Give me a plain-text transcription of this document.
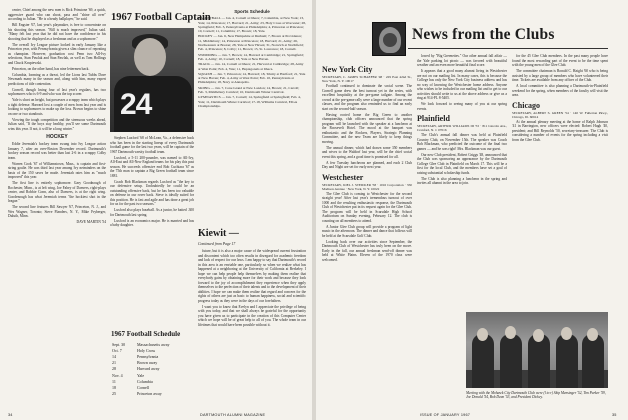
center, Chief among the new men is Rick Prinstone '69, a quick, aggressive guard who can shoot, pass and "shine all over" according to Julian. "He is a heady ballplayer," he said.

Bill Engster '67, last year's playmaker, is free to concentrate on his shooting this season. "Bill is much improved," Julian said. "Many felt last year that he did not have the confidence in his shooting that he displayed as a freshman and as a sophomore."

The overall Ivy League picture looked in early January like a Princeton year, with Pennsylvania given a slim chance of repeating as champion. However, graduation cost Penn two All-Ivy selections, Stan Pawlak and Stan Pawlak, as well as Tom Hollings and Chuck Krupiewski.

Princeton, on the other hand, has nine lettermen back.

Columbia, looming as a threat, led the Lions last Tubbs Dave Newmark many in the season and, along with him, many expert predictions of title contention.

Cornell, though losing four of last year's regulars, has two sophomores who is 6-9 and who was the top scorer.

Yale is short on height, but possesses a scrappy team which plays a tight defense. Harvard lost a couple of men from last year and is looking to sophomores to make up the loss. Brown begins to shine on one or two standouts.

Viewing the tough competition and the strenuous weeks ahead, Julian said, "If the boys stay healthy, you'll see some Dartmouth wins this year. If not, it will be a long winter."

HOCKEY

Eddie Jeremiah's hockey team swung into Ivy League action January 7, after an over-Boston December record. Dartmouth's hockey season record was better than last 2-6 in a scrappy Colby team.

Warren Cook '67 of Williamstown, Mass., is captain and first-string goalie. He was third last year among Ivy netminders on the basis of the 150 saves he made. Jeremiah rates him as "much improved" this year.

The first line is entirely sophomore. Gary Goodnough of Rochester, Minn., is at left wing, Joe Fahey of Danvers, right-plays center, and Robbie Conn, also of Danvers, is at the right wing. Goodenough has what Jeremiah terms "the hockiest shot in the league."

The second line features Bill Sawyer '67, Princeton, N. J., and Wes Wagner, Toronto; Steve Flanders, N. Y., Mike Fryberger, Duluth, Minn.

DAVE MARTIN '54
1967 Football Captain
24

Stephen Luxford '68 of McLean, Va., a defensive back who has been in the starting lineup of every Dartmouth football game for the last two years, will be captain of the 1967 Dartmouth varsity football team.

Luxford, a 5-11 200-pounder, was named to All-Ivy, All-East and All-New England teams for his play this past season. He succeeds offensive end Bob Cuchiara '67 as the 75th man to captain a Big Green football team since 1881.

Coach Bob Blackman regards Luxford as "the key to our defensive setup. Undoubtedly he could be an outstanding offensive back, but he has been too valuable on defense in our rover back. Steve is ideally suited for this position. He is fast and agile and has done a great job for us for the past two seasons."

Luxford also plays baseball. As a junior, he batted .300 for Dartmouth last spring.

Luxford is an economics major. He is married and has a baby daughter.

Sports Schedule

BASKETBALL — Jan. 4, Cornell at Ithaca; 7, Columbia, at New York; 13, Yale; 14, Princeton; 17, Harvard; 21, Army; 23, Holy Cross at Worcester; 28, Springfield; Feb. 3, Pennsylvania at Philadelphia; 4, Princeton at Princeton; 10, Cornell; 11, Columbia; 17, Brown; 18, Yale.

HOCKEY — Jan. 6, New Hampshire at Durham; 7, Brown at Providence; 11, Middlebury; 14, Princeton at Princeton; 18, Harvard; 21, Army; 26, Northeastern at Boston; 28, Yale at New Haven; 31, Norwich at Northfield; Feb. 4, Princeton; 8, Colby; 11, Brown; 15, St. Lawrence; 18, Cornell.

SWIMMING — Jan. 7, Brown; 14, Harvard at Cambridge; 21, Springfield; Feb. 4, Army; 10, Cornell; 18, Yale at New Haven.

TRACK — Jan. 14, Cornell at Ithaca; 21, Harvard at Cambridge; 28, Army at West Point; Feb. 4, Yale; 11, Heptagonals at Ithaca.

SQUASH — Jan. 7, Princeton; 14, Harvard; 18, Trinity at Hartford; 21, Yale at New Haven; Feb. 4, Army at West Point; Feb. 10, Pennsylvania at Philadelphia; 18, Navy at Annapolis.

SKIING — Jan. 7, Cone Grand at New London; 14, Brown; 21, Carroll; Feb. 3, Middlebury Carnival; 10, Dartmouth Winter Carnival.

GYMNASTICS — Jan. 7, Cornell; 14, Springfield at Springfield; Feb. 4, Yale; 11, Dartmouth Winter Carnival; 17-18, Williams Carnival, EIGA Championships.

Kiewit —
Continued from Page 17

future, but it is also a major cause of the widespread current frustration and discontent which too often results in disregard for academic freedom and lack of respect for our laws. I am happy to say that Dartmouth's record in this area is an enviable one, particularly so when we realize what has happened at a neighboring at the University of California at Berkeley. I hope we can help people help themselves by making them realize that everybody gains by obtaining more for their work and because they look forward to the joy of accomplishment they experience when they apply themselves to the perfection of their talents and to the development of their abilities. I hope we can make them realize that regard and concern for the rights of others are just as basic to human happiness, social and scientific progress today as they were in the days of our forefathers.

I want you to know that Evelyn and I appreciate the privilege of being with you today, and that we shall always be grateful for the opportunity you have given us to participate in the creation of this Computer Center which we hope will be of great help to all of you. The whole team in our lifetimes that would have been possible without it.

1967 Football Schedule
Sept. 30	Massachusetts away
Oct. 7	Holy Cross
14	Pennsylvania
21	Brown away
28	Harvard away
Nov. 4	Yale
11	Columbia
18	Cornell
25	Princeton away
34	DARTMOUTH ALUMNI MAGAZINE
News from the Clubs
New York City
SECRETARY, C. JAMES SCHAEFER '48 · 229 East 42nd St., New York, N. Y. 10017

Football continued to dominate the social scene. The Cornell game drew the best turnout yet in the series, with excellent hospitality at the pre-game tailgate. Among the crowd at the pre-game rally were a large number of our recent classes, and the program also reminded us to find an early start on the second-half season.

Having rooted home the Big Green to another championship, club officers announced that the spring program will be launched with the speaker at a luncheon at the Roosevelt Hotel. The mood at the banquet was enthusiastic and the Rockers, Players, Strategic Planning Committee, and the new Team are likely to keep things moving.

The annual dinner, which had drawn some 350 members and wives to the Waldorf last year, will be the chief social event this spring, and a good time is promised for all.

A few Tuesday luncheons are planned, and each 2 Club Day and Night are set for early next year.

Westchester
SECRETARY, JOEL J. STEIDLER '58 · 1016 Corporation · 350 Madison Avenue · New York, N. Y. 10022

The Glee Club is coming to Westchester for the second straight year! After last year's tremendous turnout of over 1000 and the resulting enthusiastic response, the Dartmouth Club of Westchester put in its request again for the Glee Club. The program will be held in Scarsdale High School Auditorium on Sunday evening, February 12. The club is counting on all members to attend.

A Junior Glee Club group will provide a program of light music in the afternoon. The dinner and dance that follows will be held at the Scarsdale Golf Club.

Looking back over our activities since September, the Dartmouth Club of Westchester has truly been on the move. Early in the fall, our annual freshman send-off dinner was held at White Plains. Eleven of the 1970 class were welcomed.

lowed by "Big Greenettes." Our other annual fall affair — the Yale parking lot picnic — was favored with beautiful weather and an even more beautiful final score.

It appears that a good many alumni living in Westchester are not on our mailing list. In many cases, this is because the College has only the New York City business address and has no way of knowing the Westchester home address. Anyone who wishes to be included in our mailing list and to get to our activities should write to us at the above address or give us a ring at 914-PL 8-5405.

We look forward to seeing many of you at our spring events.

Plainfield
SECRETARY, ARTHUR WILLIAMS III '53 · 811 Lincoln Ave., Cranford, N. J. 07016

The Club's annual fall dinner was held at Plainfield Country Club, on November 15th. The speaker was Coach Bob Blackman, who predicted the outcome of the final two games — and he was right! Mrs. Blackman was our guest.

Our new Club president, Robert Griggs '48, announced that the Club was sponsoring an appearance by the Dartmouth College Glee Club in Plainfield on March 17. This will be a first for the local Club, and the members have set a goal of raising substantial scholarship funds.

The Club is also planning a luncheon in the spring and invites all alumni in the area to join.

for the 45 Glee Club members. In the past many people have found the most rewarding part of the event to be the time spent with the young men of the Glee Club.

The committee chairman is Ronald C. Haight '60 who is being assisted by a large group of members who have volunteered their time. Tickets are available from any officer of the Club.

A local committee is also planning a Dartmouth-in-Plainfield weekend for the spring, when members of the faculty will visit the area.

Chicago
SECRETARY, ALBERT S. GREEN '54 · 140 W. Fullerton Pkwy., Chicago, Ill. 60614

At the annual plenary meeting at the home of Ralph Johnson '41 in Barrington, new officers were elected: Robert Hugh '40, president; and Bill Reynolds '50, secretary-treasurer. The Club is considering a number of events for the spring including a visit from the Glee Club.

Meeting with the Mohawk City Dartmouth Club were (l to r) Skip Mensinger '52, Tim Parker '59, Joe Donald '54, Bob Dean '53, and President Dickey.
ISSUE OF JANUARY 1967	35
